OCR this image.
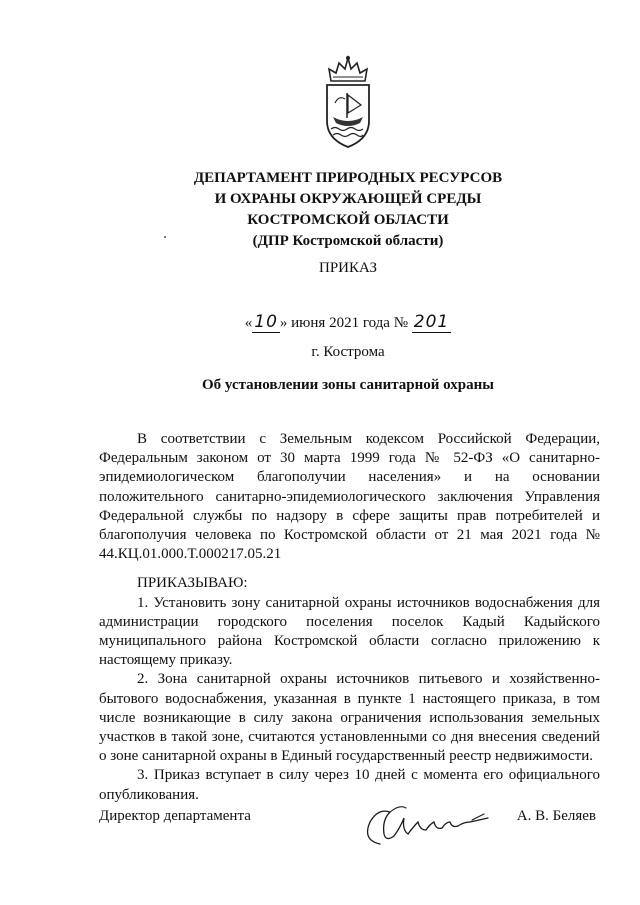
ДЕПАРТАМЕНТ ПРИРОДНЫХ РЕСУРСОВ
И ОХРАНЫ ОКРУЖАЮЩЕЙ СРЕДЫ
КОСТРОМСКОЙ ОБЛАСТИ
(ДПР Костромской области)
ПРИКАЗ
« 10 » июня 2021 года № 201
г. Кострома
Об установлении зоны санитарной охраны

В соответствии с Земельным кодексом Российской Федерации, Федеральным законом от 30 марта 1999 года № 52-ФЗ «О санитарно-эпидемиологическом благополучии населения» и на основании положительного санитарно-эпидемиологического заключения Управления Федеральной службы по надзору в сфере защиты прав потребителей и благополучия человека по Костромской области от 21 мая 2021 года № 44.КЦ.01.000.Т.000217.05.21

ПРИКАЗЫВАЮ:

1. Установить зону санитарной охраны источников водоснабжения для администрации городского поселения поселок Кадый Кадыйского муниципального района Костромской области согласно приложению к настоящему приказу.

2. Зона санитарной охраны источников питьевого и хозяйственно-бытового водоснабжения, указанная в пункте 1 настоящего приказа, в том числе возникающие в силу закона ограничения использования земельных участков в такой зоне, считаются установленными со дня внесения сведений о зоне санитарной охраны в Единый государственный реестр недвижимости.

3. Приказ вступает в силу через 10 дней с момента его официального опубликования.

Директор департамента	А. В. Беляев
